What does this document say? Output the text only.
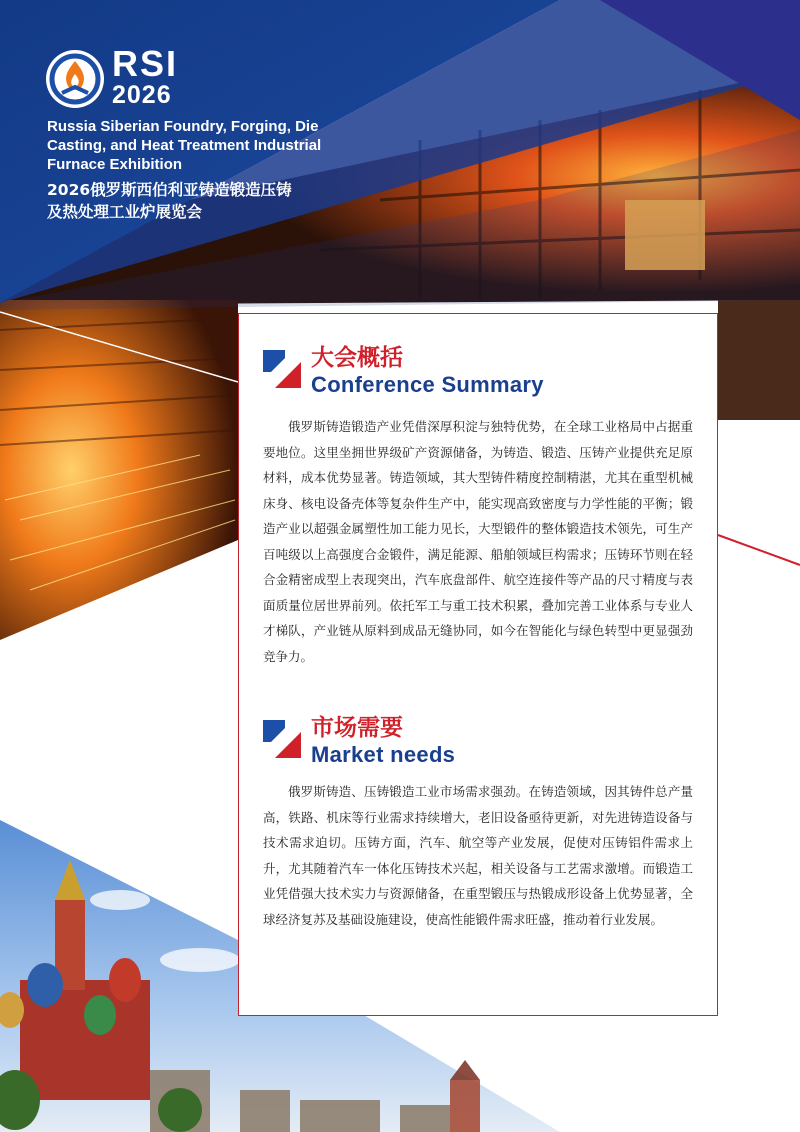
RSI
2026
Russia Siberian Foundry, Forging, Die Casting, and Heat Treatment Industrial Furnace Exhibition
2026俄罗斯西伯利亚铸造锻造压铸
及热处理工业炉展览会
大会概括
Conference Summary
俄罗斯铸造锻造产业凭借深厚积淀与独特优势，在全球工业格局中占据重要地位。这里坐拥世界级矿产资源储备，为铸造、锻造、压铸产业提供充足原材料，成本优势显著。铸造领域，其大型铸件精度控制精湛，尤其在重型机械床身、核电设备壳体等复杂件生产中，能实现高致密度与力学性能的平衡；锻造产业以超强金属塑性加工能力见长，大型锻件的整体锻造技术领先，可生产百吨级以上高强度合金锻件，满足能源、船舶领域巨构需求；压铸环节则在轻合金精密成型上表现突出，汽车底盘部件、航空连接件等产品的尺寸精度与表面质量位居世界前列。依托军工与重工技术积累，叠加完善工业体系与专业人才梯队，产业链从原料到成品无缝协同，如今在智能化与绿色转型中更显强劲竞争力。
市场需要
Market needs
俄罗斯铸造、压铸锻造工业市场需求强劲。在铸造领域，因其铸件总产量高，铁路、机床等行业需求持续增大，老旧设备亟待更新，对先进铸造设备与技术需求迫切。压铸方面，汽车、航空等产业发展，促使对压铸铝件需求上升，尤其随着汽车一体化压铸技术兴起，相关设备与工艺需求激增。而锻造工业凭借强大技术实力与资源储备，在重型锻压与热锻成形设备上优势显著，全球经济复苏及基础设施建设，使高性能锻件需求旺盛，推动着行业发展。
